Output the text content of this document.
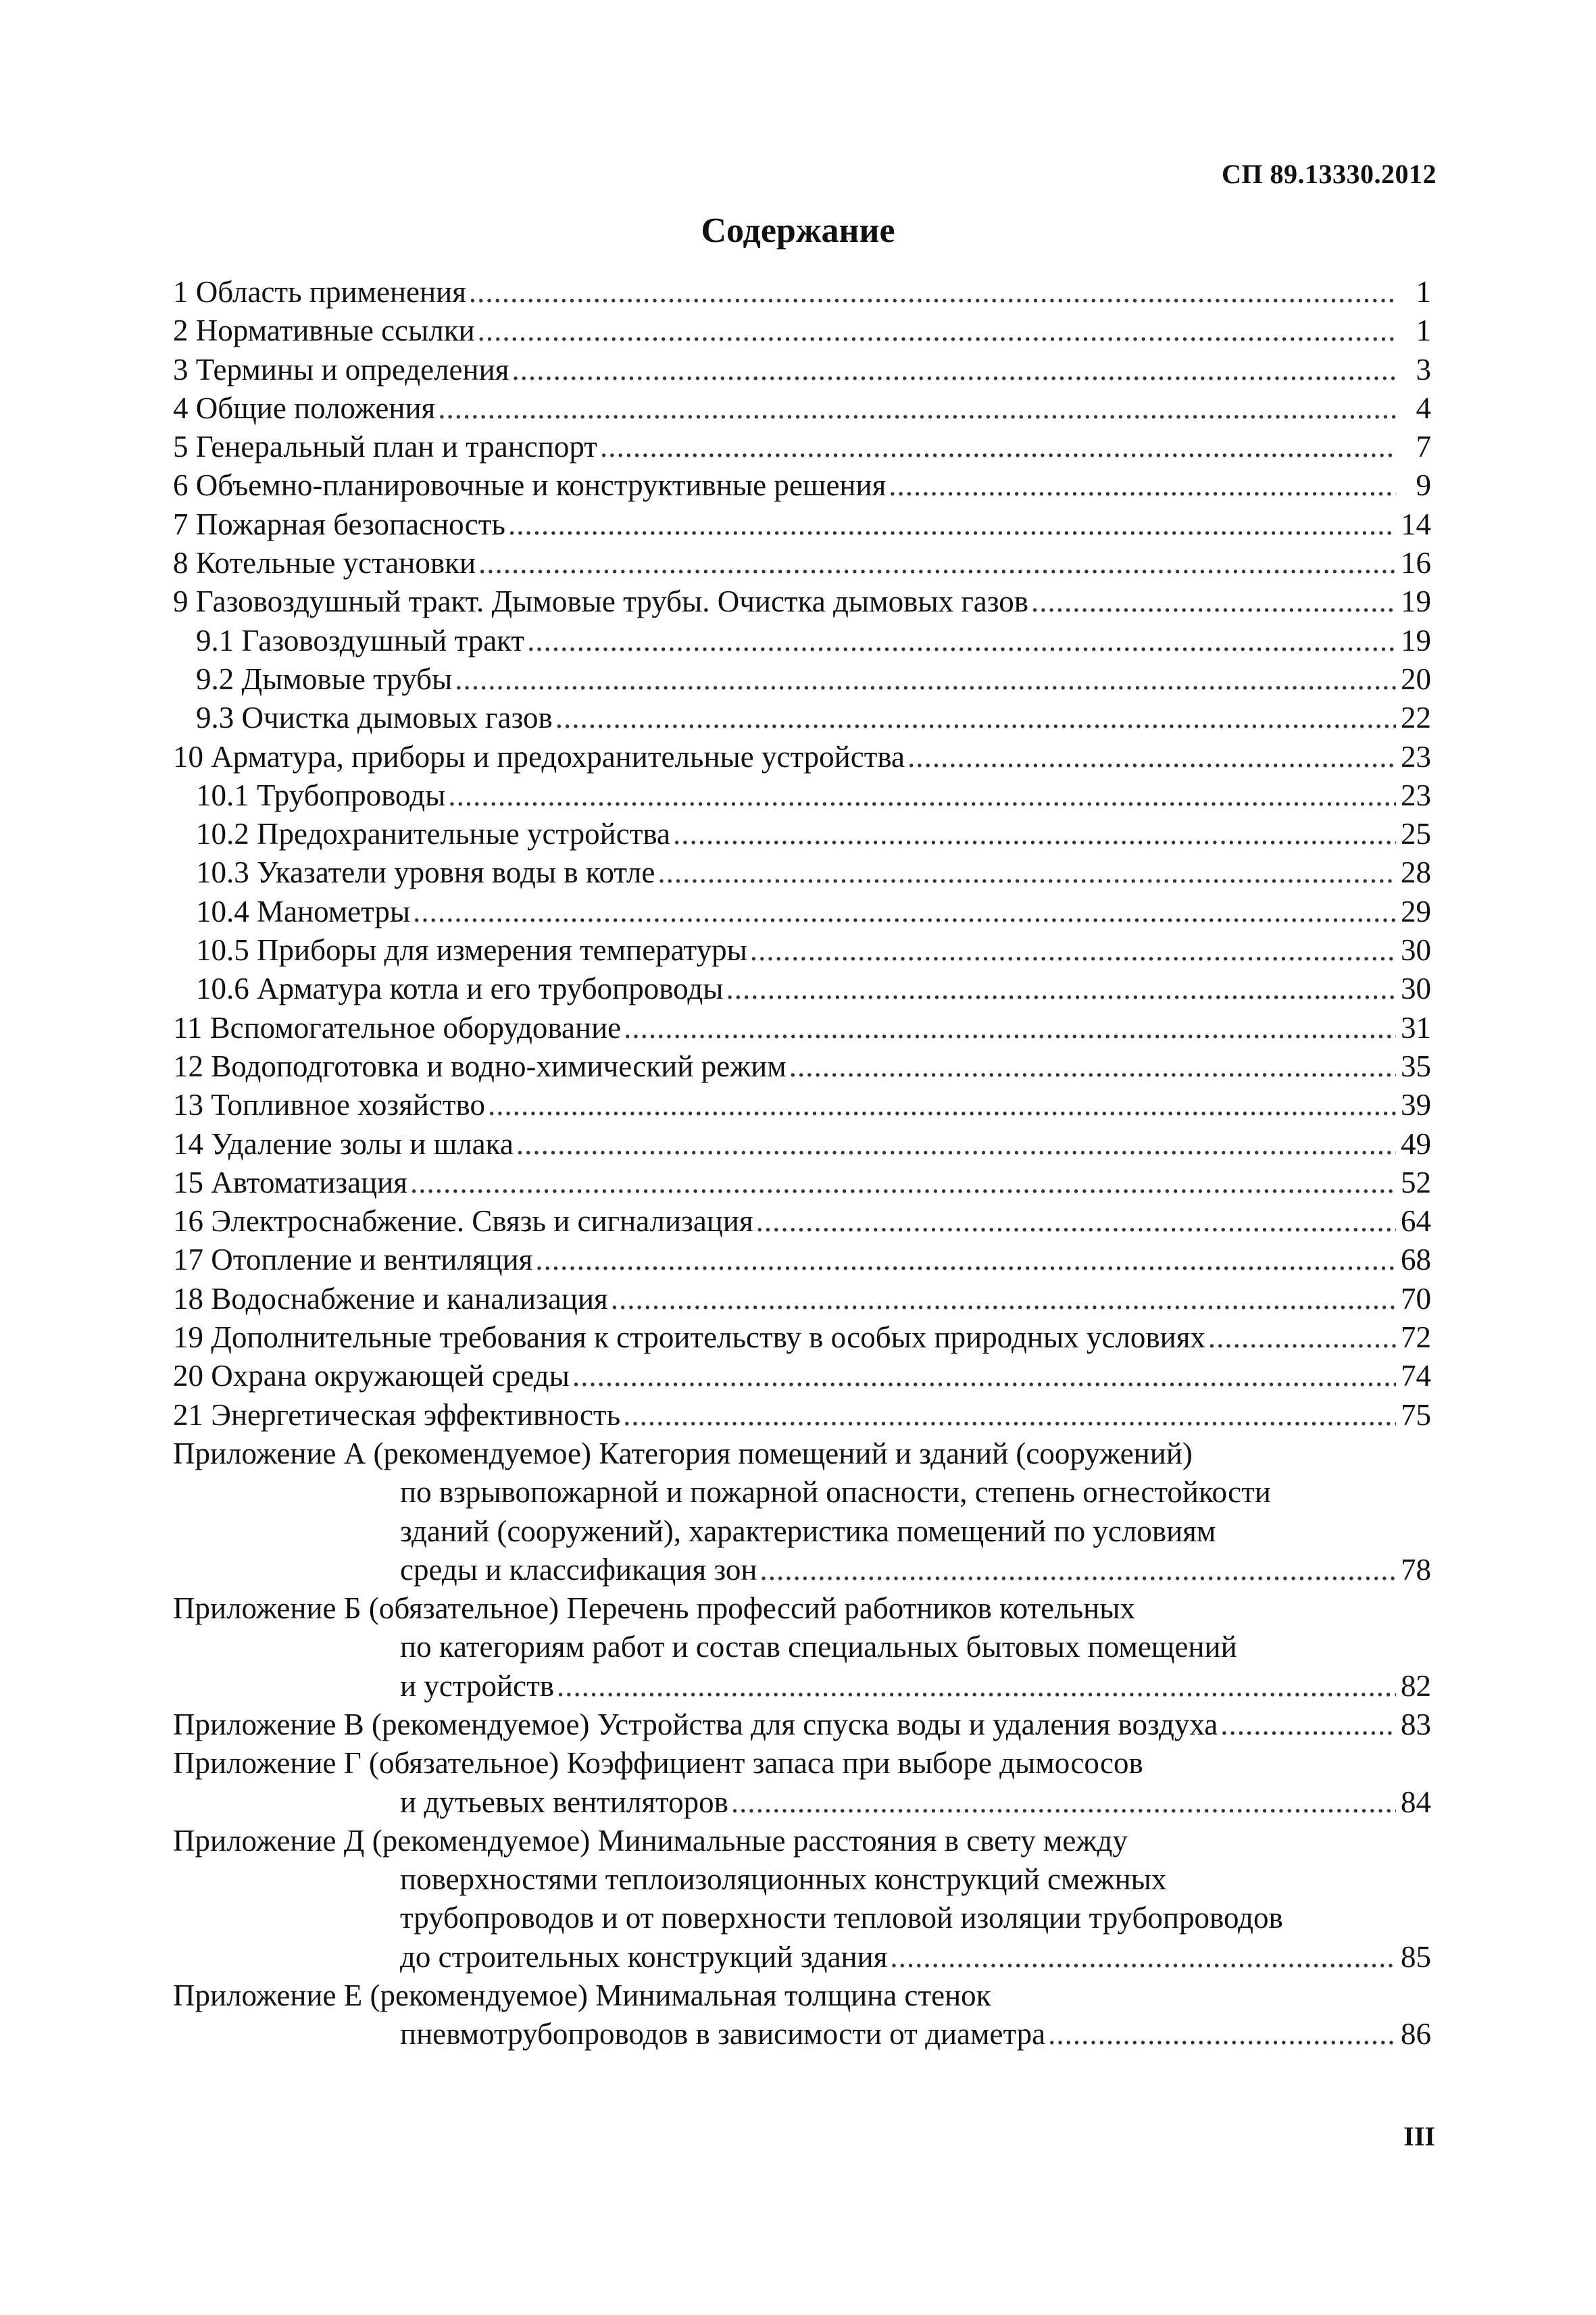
СП 89.13330.2012
Содержание
1 Область применения .....	1
2 Нормативные ссылки .....	1
3 Термины и определения .....	3
4 Общие положения .....	4
5 Генеральный план и транспорт .....	7
6 Объемно-планировочные и конструктивные решения .....	9
7 Пожарная безопасность .....	14
8 Котельные установки .....	16
9 Газовоздушный тракт. Дымовые трубы. Очистка дымовых газов .....	19
9.1 Газовоздушный тракт .....	19
9.2 Дымовые трубы .....	20
9.3 Очистка дымовых газов .....	22
10 Арматура, приборы и предохранительные устройства .....	23
10.1 Трубопроводы .....	23
10.2 Предохранительные устройства .....	25
10.3 Указатели уровня воды в котле .....	28
10.4 Манометры .....	29
10.5 Приборы для измерения температуры .....	30
10.6 Арматура котла и его трубопроводы .....	30
11 Вспомогательное оборудование .....	31
12 Водоподготовка и водно-химический режим .....	35
13 Топливное хозяйство .....	39
14 Удаление золы и шлака .....	49
15 Автоматизация .....	52
16 Электроснабжение. Связь и сигнализация .....	64
17 Отопление и вентиляция .....	68
18 Водоснабжение и канализация .....	70
19 Дополнительные требования к строительству в особых природных условиях .....	72
20 Охрана окружающей среды .....	74
21 Энергетическая эффективность .....	75
Приложение А (рекомендуемое) Категория помещений и зданий (сооружений)
по взрывопожарной и пожарной опасности, степень огнестойкости
зданий (сооружений), характеристика помещений по условиям
среды и классификация зон .....	78
Приложение Б (обязательное) Перечень профессий работников котельных
по категориям работ и состав специальных бытовых помещений
и устройств .....	82
Приложение В (рекомендуемое) Устройства для спуска воды и удаления воздуха .....	83
Приложение Г (обязательное) Коэффициент запаса при выборе дымососов
и дутьевых вентиляторов .....	84
Приложение Д (рекомендуемое) Минимальные расстояния в свету между
поверхностями теплоизоляционных конструкций смежных
трубопроводов и от поверхности тепловой изоляции трубопроводов
до строительных конструкций здания .....	85
Приложение Е (рекомендуемое) Минимальная толщина стенок
пневмотрубопроводов в зависимости от диаметра .....	86
III
